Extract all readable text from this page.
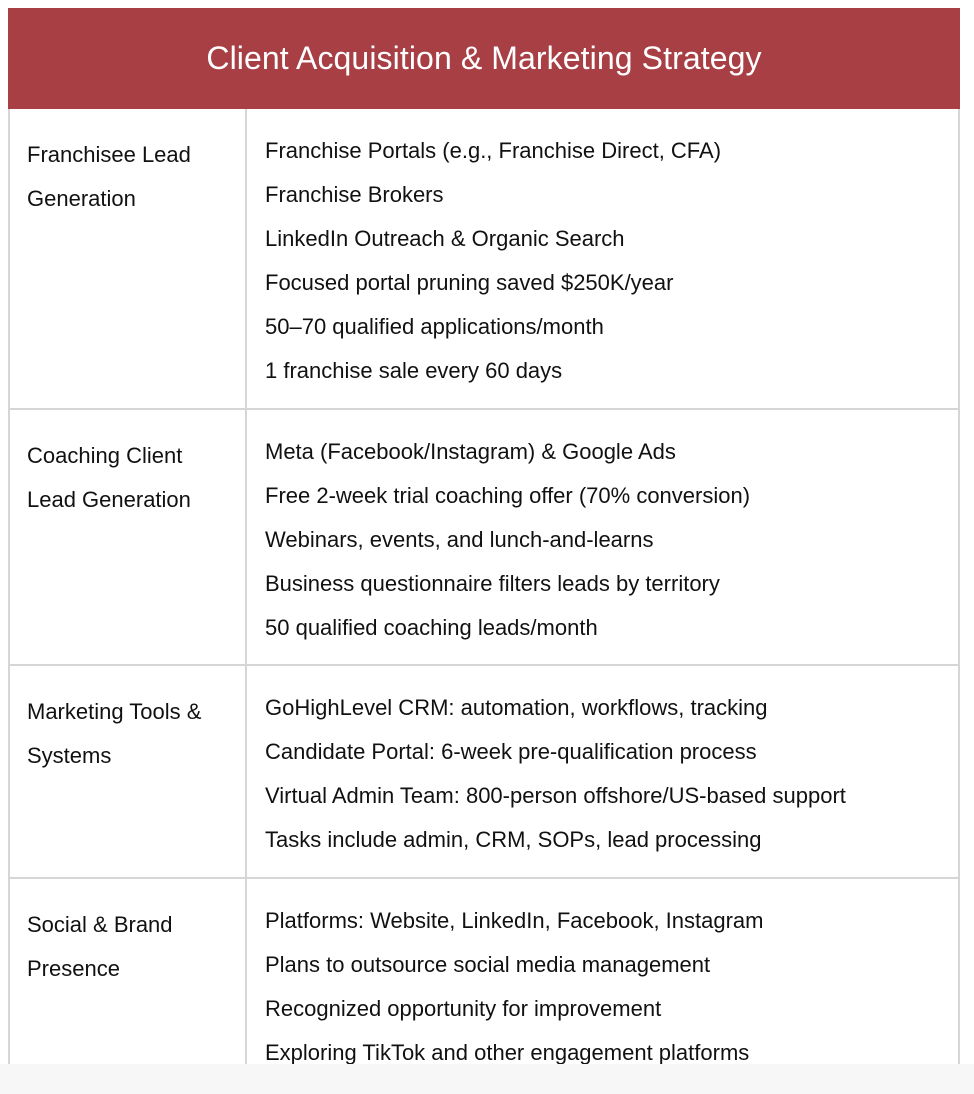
Client Acquisition & Marketing Strategy
Franchisee Lead Generation
Franchise Portals (e.g., Franchise Direct, CFA)
Franchise Brokers
LinkedIn Outreach & Organic Search
Focused portal pruning saved $250K/year
50–70 qualified applications/month
1 franchise sale every 60 days
Coaching Client Lead Generation
Meta (Facebook/Instagram) & Google Ads
Free 2-week trial coaching offer (70% conversion)
Webinars, events, and lunch-and-learns
Business questionnaire filters leads by territory
50 qualified coaching leads/month
Marketing Tools & Systems
GoHighLevel CRM: automation, workflows, tracking
Candidate Portal: 6-week pre-qualification process
Virtual Admin Team: 800-person offshore/US-based support
Tasks include admin, CRM, SOPs, lead processing
Social & Brand Presence
Platforms: Website, LinkedIn, Facebook, Instagram
Plans to outsource social media management
Recognized opportunity for improvement
Exploring TikTok and other engagement platforms
